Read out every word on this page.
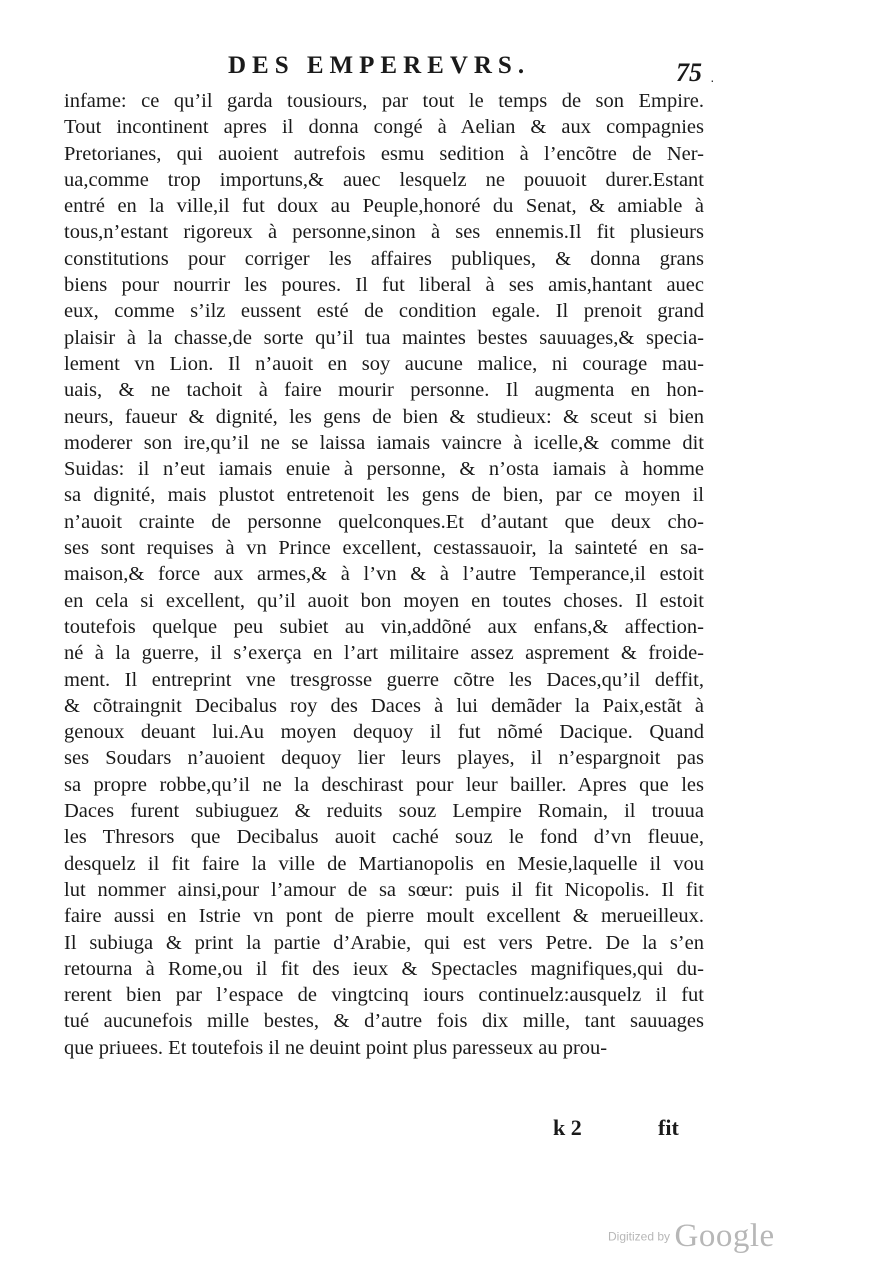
DES EMPEREVRS.	75 ·
infame: ce qu’il garda tousiours, par tout le temps de son Empire.
Tout incontinent apres il donna congé à Aelian & aux compagnies
Pretorianes, qui auoient autrefois esmu sedition à l’encõtre de Ner-
ua,comme trop importuns,& auec lesquelz ne pouuoit durer.Estant
entré en la ville,il fut doux au Peuple,honoré du Senat, & amiable à
tous,n’estant rigoreux à personne,sinon à ses ennemis.Il fit plusieurs
constitutions pour corriger les affaires publiques, & donna grans
biens pour nourrir les poures. Il fut liberal à ses amis,hantant auec
eux, comme s’ilz eussent esté de condition egale. Il prenoit grand
plaisir à la chasse,de sorte qu’il tua maintes bestes sauuages,& specia-
lement vn Lion. Il n’auoit en soy aucune malice, ni courage mau-
uais, & ne tachoit à faire mourir personne. Il augmenta en hon-
neurs, faueur & dignité, les gens de bien & studieux: & sceut si bien
moderer son ire,qu’il ne se laissa iamais vaincre à icelle,& comme dit
Suidas: il n’eut iamais enuie à personne, & n’osta iamais à homme
sa dignité, mais plustot entretenoit les gens de bien, par ce moyen il
n’auoit crainte de personne quelconques.Et d’autant que deux cho-
ses sont requises à vn Prince excellent, cestassauoir, la sainteté en sa-
maison,& force aux armes,& à l’vn & à l’autre Temperance,il estoit
en cela si excellent, qu’il auoit bon moyen en toutes choses. Il estoit
toutefois quelque peu subiet au vin,addõné aux enfans,& affection-
né à la guerre, il s’exerça en l’art militaire assez asprement & froide-
ment. Il entreprint vne tresgrosse guerre cõtre les Daces,qu’il deffit,
& cõtraingnit Decibalus roy des Daces à lui demãder la Paix,estãt à
genoux deuant lui.Au moyen dequoy il fut nõmé Dacique. Quand
ses Soudars n’auoient dequoy lier leurs playes, il n’espargnoit pas
sa propre robbe,qu’il ne la deschirast pour leur bailler. Apres que les
Daces furent subiuguez & reduits souz Lempire Romain, il trouua
les Thresors que Decibalus auoit caché souz le fond d’vn fleuue,
desquelz il fit faire la ville de Martianopolis en Mesie,laquelle il vou
lut nommer ainsi,pour l’amour de sa sœur: puis il fit Nicopolis. Il fit
faire aussi en Istrie vn pont de pierre moult excellent & merueilleux.
Il subiuga & print la partie d’Arabie, qui est vers Petre. De la s’en
retourna à Rome,ou il fit des ieux & Spectacles magnifiques,qui du-
rerent bien par l’espace de vingtcinq iours continuelz:ausquelz il fut
tué aucunefois mille bestes, & d’autre fois dix mille, tant sauuages
que priuees. Et toutefois il ne deuint point plus paresseux au prou-
k 2	fit
Digitized by Google
